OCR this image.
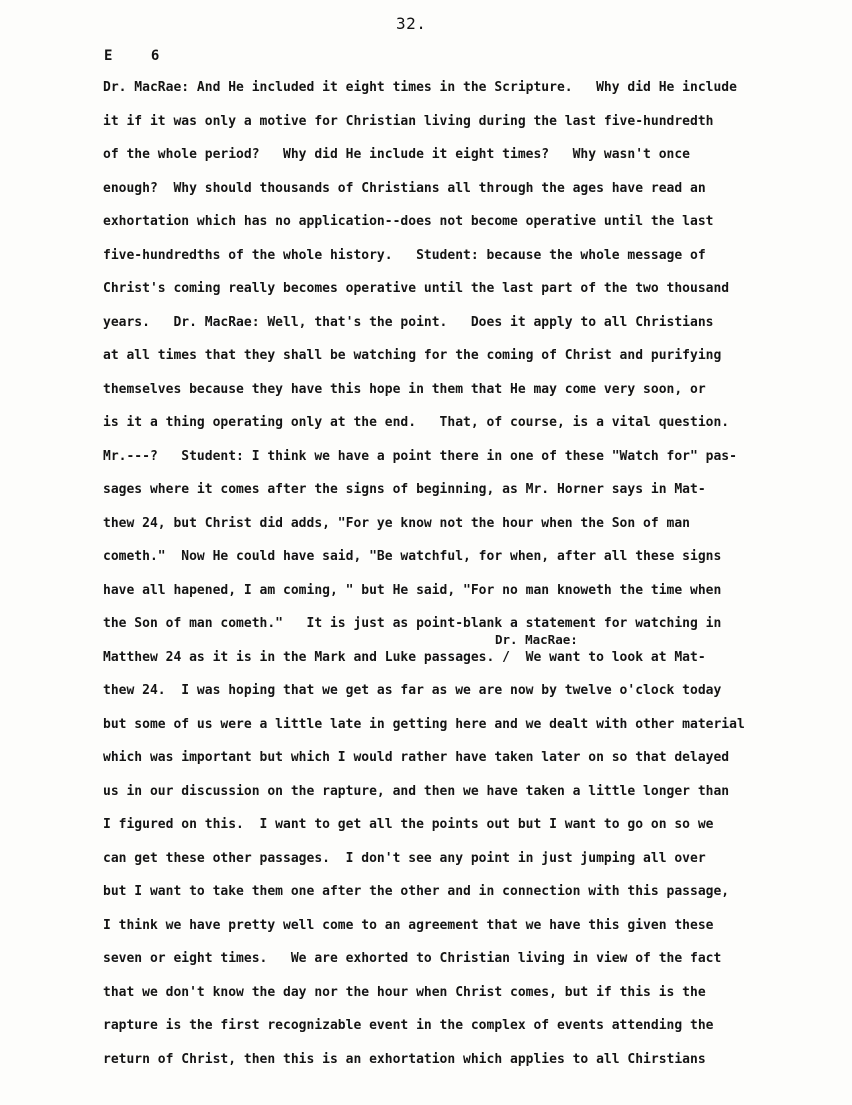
32.
E 6
Dr. MacRae: And He included it eight times in the Scripture.   Why did He include
it if it was only a motive for Christian living during the last five-hundredth
of the whole period?   Why did He include it eight times?   Why wasn't once
enough?  Why should thousands of Christians all through the ages have read an
exhortation which has no application--does not become operative until the last
five-hundredths of the whole history.   Student: because the whole message of
Christ's coming really becomes operative until the last part of the two thousand
years.   Dr. MacRae: Well, that's the point.   Does it apply to all Christians
at all times that they shall be watching for the coming of Christ and purifying
themselves because they have this hope in them that He may come very soon, or
is it a thing operating only at the end.   That, of course, is a vital question.
Mr.---?   Student: I think we have a point there in one of these "Watch for" pas-
sages where it comes after the signs of beginning, as Mr. Horner says in Mat-
thew 24, but Christ did adds, "For ye know not the hour when the Son of man
cometh."  Now He could have said, "Be watchful, for when, after all these signs
have all hapened, I am coming, " but He said, "For no man knoweth the time when
the Son of man cometh."   It is just as point-blank a statement for watching in
Matthew 24 as it is in the Mark and Luke passages. /  We want to look at Mat-
thew 24.  I was hoping that we get as far as we are now by twelve o'clock today
but some of us were a little late in getting here and we dealt with other material
which was important but which I would rather have taken later on so that delayed
us in our discussion on the rapture, and then we have taken a little longer than
I figured on this.  I want to get all the points out but I want to go on so we
can get these other passages.  I don't see any point in just jumping all over
but I want to take them one after the other and in connection with this passage,
I think we have pretty well come to an agreement that we have this given these
seven or eight times.   We are exhorted to Christian living in view of the fact
that we don't know the day nor the hour when Christ comes, but if this is the
rapture is the first recognizable event in the complex of events attending the
return of Christ, then this is an exhortation which applies to all Chirstians
Dr. MacRae:
